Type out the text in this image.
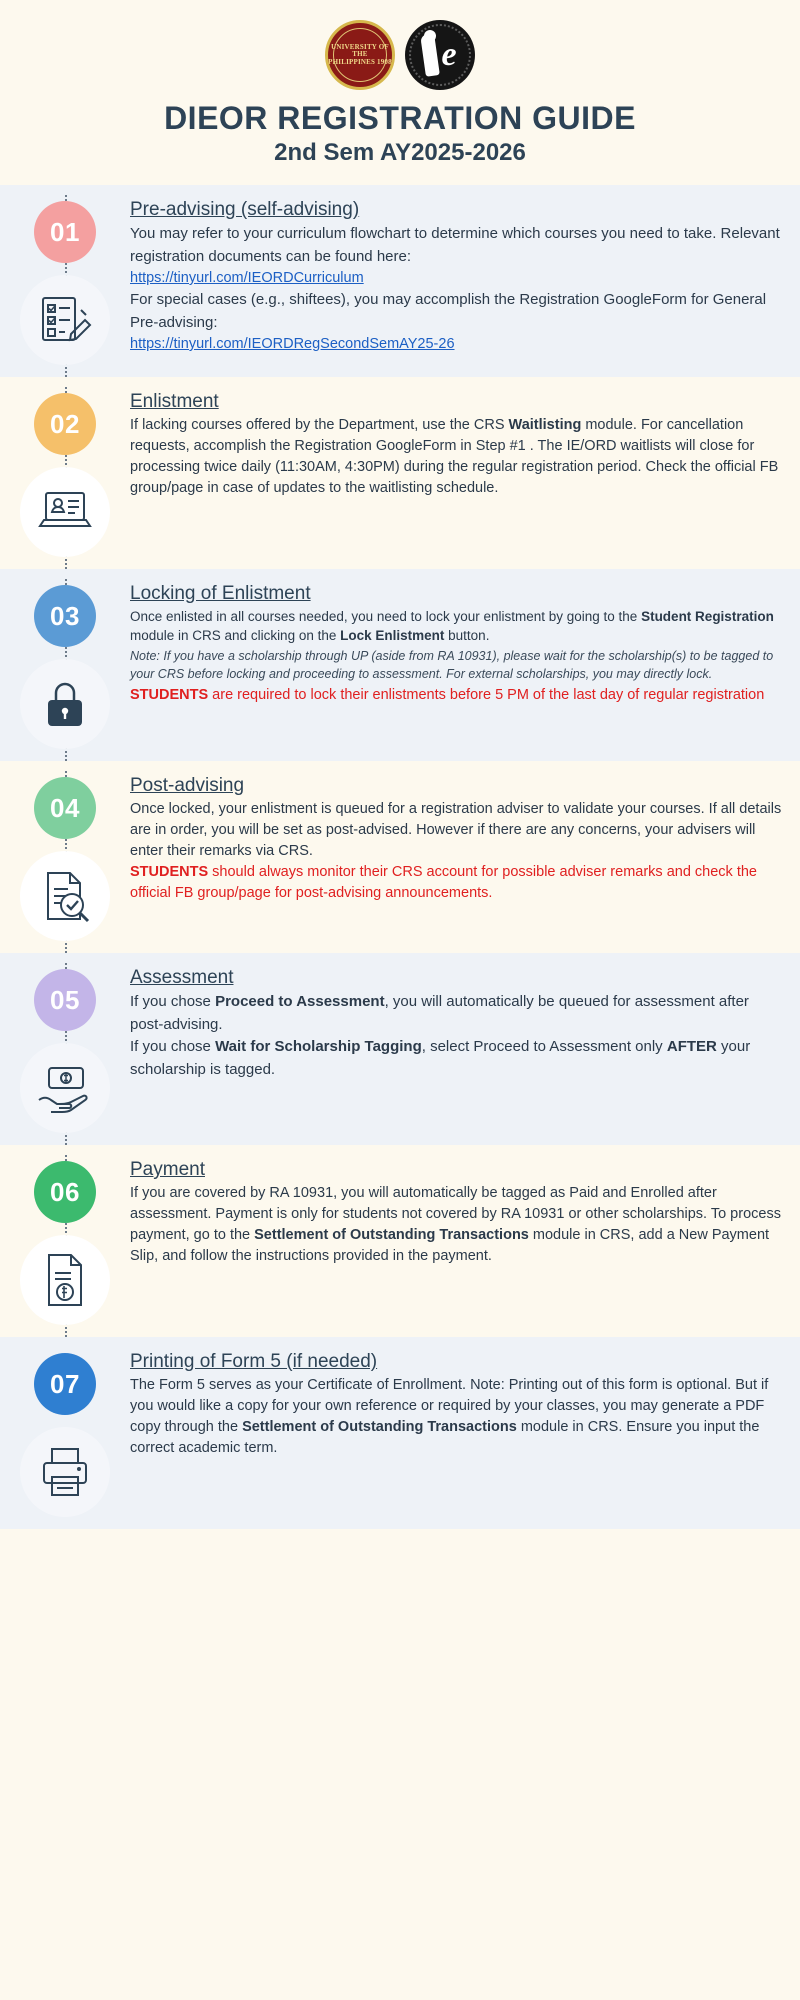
UNIVERSITY OF THE PHILIPPINES 1908 e
DIEOR REGISTRATION GUIDE
2nd Sem AY2025-2026
01
Pre-advising (self-advising)

You may refer to your curriculum flowchart to determine which courses you need to take. Relevant registration documents can be found here:

https://tinyurl.com/IEORDCurriculum

For special cases (e.g., shiftees), you may accomplish the Registration GoogleForm for General Pre-advising:

https://tinyurl.com/IEORDRegSecondSemAY25-26

02
Enlistment

If lacking courses offered by the Department, use the CRS Waitlisting module. For cancellation requests, accomplish the Registration GoogleForm in Step #1 . The IE/ORD waitlists will close for processing twice daily (11:30AM, 4:30PM) during the regular registration period. Check the official FB group/page in case of updates to the waitlisting schedule.

03
Locking of Enlistment

Once enlisted in all courses needed, you need to lock your enlistment by going to the Student Registration module in CRS and clicking on the Lock Enlistment button.

Note: If you have a scholarship through UP (aside from RA 10931), please wait for the scholarship(s) to be tagged to your CRS before locking and proceeding to assessment. For external scholarships, you may directly lock.

STUDENTS are required to lock their enlistments before 5 PM of the last day of regular registration

04
Post-advising

Once locked, your enlistment is queued for a registration adviser to validate your courses. If all details are in order, you will be set as post-advised. However if there are any concerns, your advisers will enter their remarks via CRS.

STUDENTS should always monitor their CRS account for possible adviser remarks and check the official FB group/page for post-advising announcements.

05
Assessment

If you chose Proceed to Assessment, you will automatically be queued for assessment after post-advising.

If you chose Wait for Scholarship Tagging, select Proceed to Assessment only AFTER your scholarship is tagged.

06
Payment

If you are covered by RA 10931, you will automatically be tagged as Paid and Enrolled after assessment. Payment is only for students not covered by RA 10931 or other scholarships. To process payment, go to the Settlement of Outstanding Transactions module in CRS, add a New Payment Slip, and follow the instructions provided in the payment.

07
Printing of Form 5 (if needed)

The Form 5 serves as your Certificate of Enrollment. Note: Printing out of this form is optional. But if you would like a copy for your own reference or required by your classes, you may generate a PDF copy through the Settlement of Outstanding Transactions module in CRS. Ensure you input the correct academic term.
